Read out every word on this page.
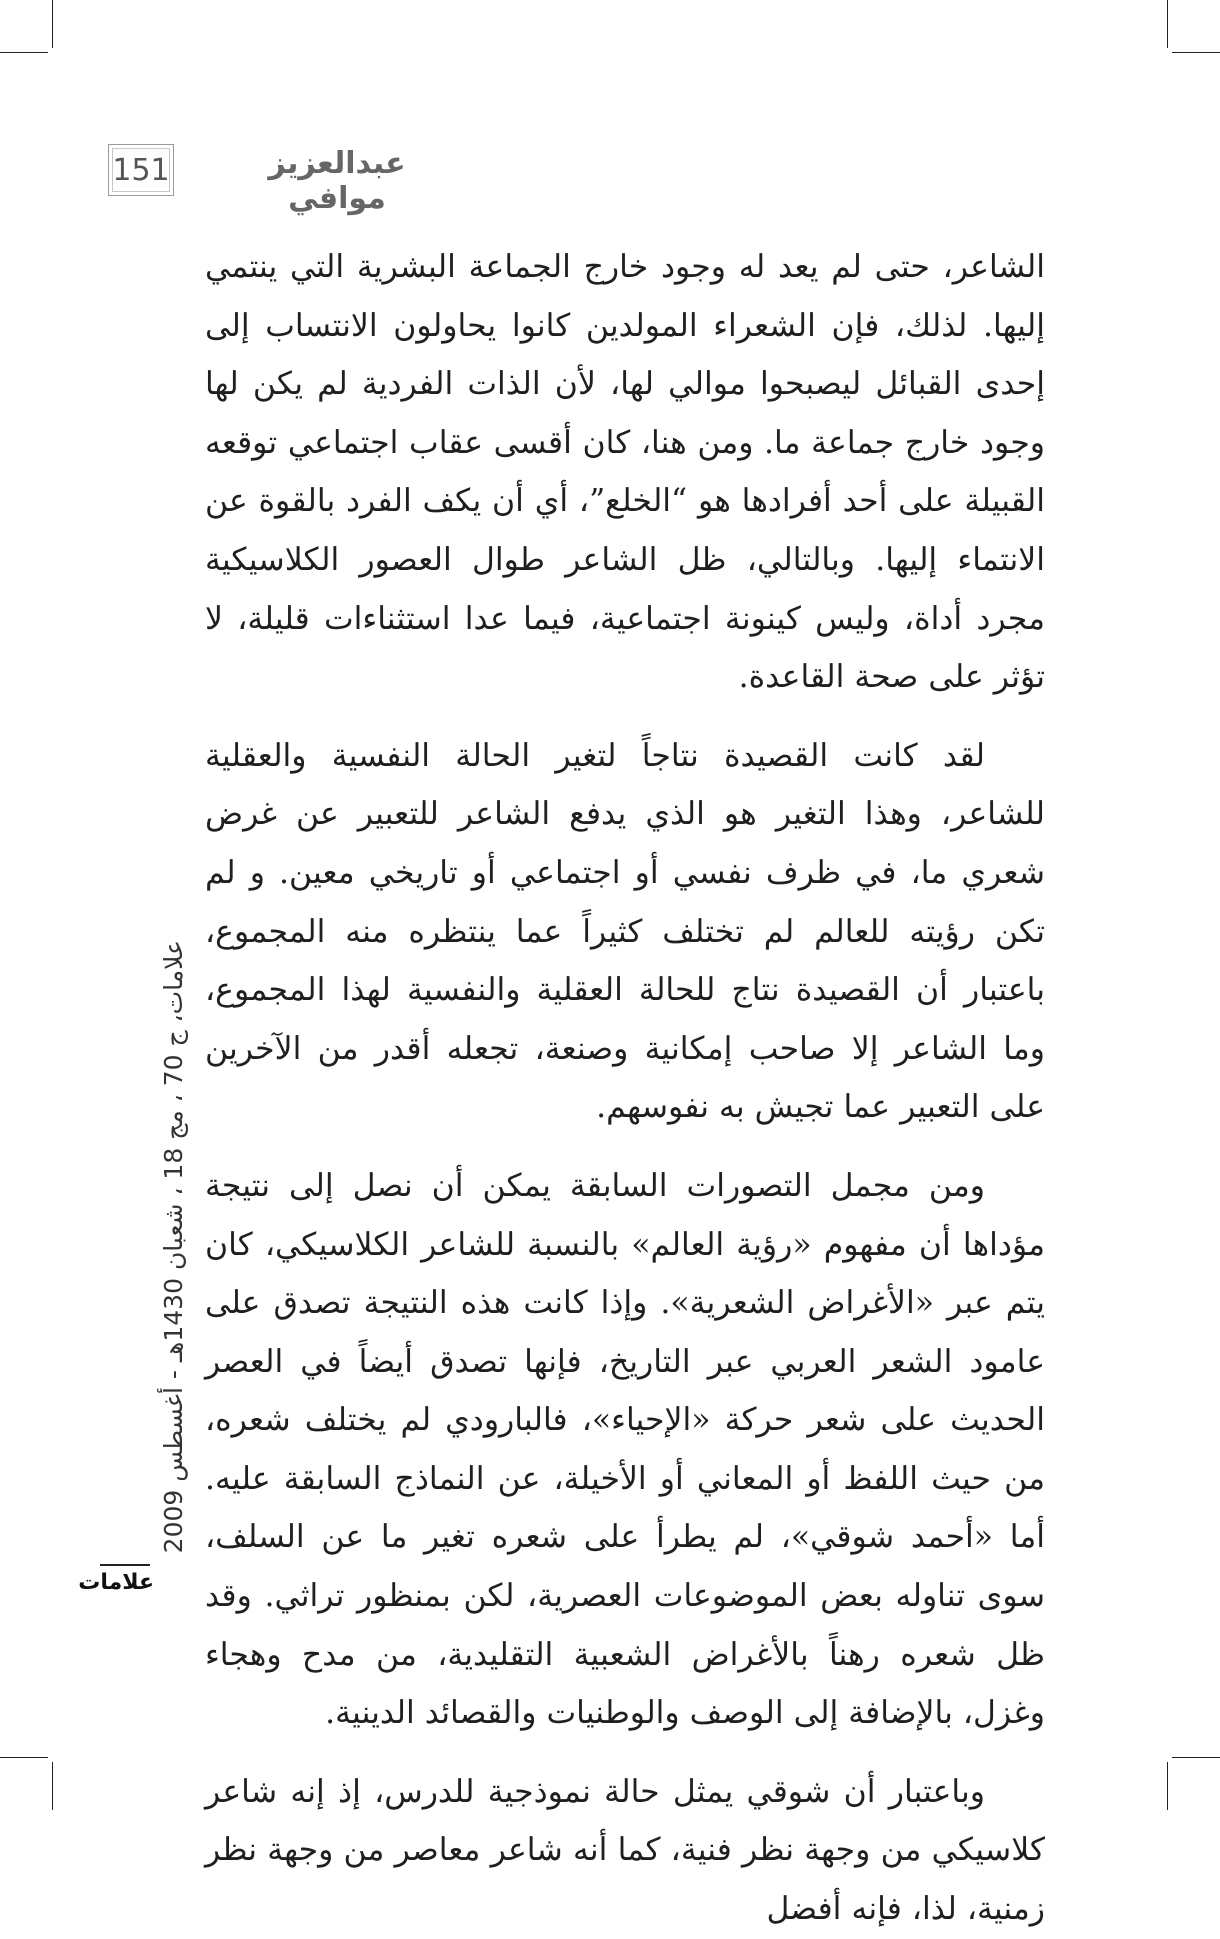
151	عبدالعزيز موافي

الشاعر، حتى لم يعد له وجود خارج الجماعة البشرية التي ينتمي إليها. لذلك، فإن الشعراء المولدين كانوا يحاولون الانتساب إلى إحدى القبائل ليصبحوا موالي لها، لأن الذات الفردية لم يكن لها وجود خارج جماعة ما. ومن هنا، كان أقسى عقاب اجتماعي توقعه القبيلة على أحد أفرادها هو “الخلع”، أي أن يكف الفرد بالقوة عن الانتماء إليها. وبالتالي، ظل الشاعر طوال العصور الكلاسيكية مجرد أداة، وليس كينونة اجتماعية، فيما عدا استثناءات قليلة، لا تؤثر على صحة القاعدة.

لقد كانت القصيدة نتاجاً لتغير الحالة النفسية والعقلية للشاعر، وهذا التغير هو الذي يدفع الشاعر للتعبير عن غرض شعري ما، في ظرف نفسي أو اجتماعي أو تاريخي معين. و لم تكن رؤيته للعالم لم تختلف كثيراً عما ينتظره منه المجموع، باعتبار أن القصيدة نتاج للحالة العقلية والنفسية لهذا المجموع، وما الشاعر إلا صاحب إمكانية وصنعة، تجعله أقدر من الآخرين على التعبير عما تجيش به نفوسهم.

ومن مجمل التصورات السابقة يمكن أن نصل إلى نتيجة مؤداها أن مفهوم «رؤية العالم» بالنسبة للشاعر الكلاسيكي، كان يتم عبر «الأغراض الشعرية». وإذا كانت هذه النتيجة تصدق على عامود الشعر العربي عبر التاريخ، فإنها تصدق أيضاً في العصر الحديث على شعر حركة «الإحياء»، فالبارودي لم يختلف شعره، من حيث اللفظ أو المعاني أو الأخيلة، عن النماذج السابقة عليه. أما «أحمد شوقي»، لم يطرأ على شعره تغير ما عن السلف، سوى تناوله بعض الموضوعات العصرية، لكن بمنظور تراثي. وقد ظل شعره رهناً بالأغراض الشعبية التقليدية، من مدح وهجاء وغزل، بالإضافة إلى الوصف والوطنيات والقصائد الدينية.

وباعتبار أن شوقي يمثل حالة نموذجية للدرس، إذ إنه شاعر كلاسيكي من وجهة نظر فنية، كما أنه شاعر معاصر من وجهة نظر زمنية، لذا، فإنه أفضل

علامات، ج 70 ، مج 18 ، شعبان 1430هـ - أغسطس 2009
علامات
